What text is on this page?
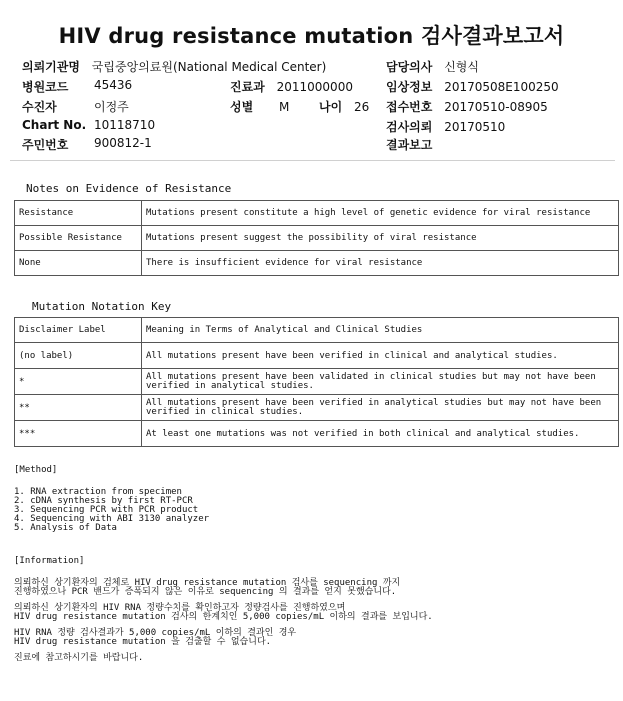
HIV drug resistance mutation 검사결과보고서
의뢰기관명 국립중앙의료원(National Medical Center)	담당의사 신형식
병원코드 45436	진료과 2011000000	임상정보 20170508E100250
수진자	이정주	성별 M 나이 26 접수번호 20170510-08905
Chart No. 10118710	검사의뢰 20170510
주민번호 900812-1	결과보고
Notes on Evidence of Resistance
Resistance	Mutations present constitute a high level of genetic evidence for viral resistance
Possible Resistance	Mutations present suggest the possibility of viral resistance
None	There is insufficient evidence for viral resistance
Mutation Notation Key
Disclaimer Label	Meaning in Terms of Analytical and Clinical Studies
(no label)	All mutations present have been verified in clinical and analytical studies.
*	All mutations present have been validated in clinical studies but may not have been verified in analytical studies.
**	All mutations present have been verified in analytical studies but may not have been verified in clinical studies.
***	At least one mutations was not verified in both clinical and analytical studies.

[Method]

1. RNA extraction from specimen

2. cDNA synthesis by first RT-PCR

3. Sequencing PCR with PCR product

4. Sequencing with ABI 3130 analyzer

5. Analysis of Data

[Information]

의뢰하신 상기환자의 검체로 HIV drug resistance mutation 검사를 sequencing 까지

진행하였으나 PCR 밴드가 증폭되지 않은 이유로 sequencing 의 결과를 얻지 못했습니다.

의뢰하신 상기환자의 HIV RNA 정량수치를 확인하고자 정량검사를 진행하였으며

HIV drug resistance mutation 검사의 한계치인 5,000 copies/mL 이하의 결과를 보입니다.

HIV RNA 정량 검사결과가 5,000 copies/mL 이하의 결과인 경우

HIV drug resistance mutation 을 검출할 수 없습니다.

진료에 참고하시기를 바랍니다.
